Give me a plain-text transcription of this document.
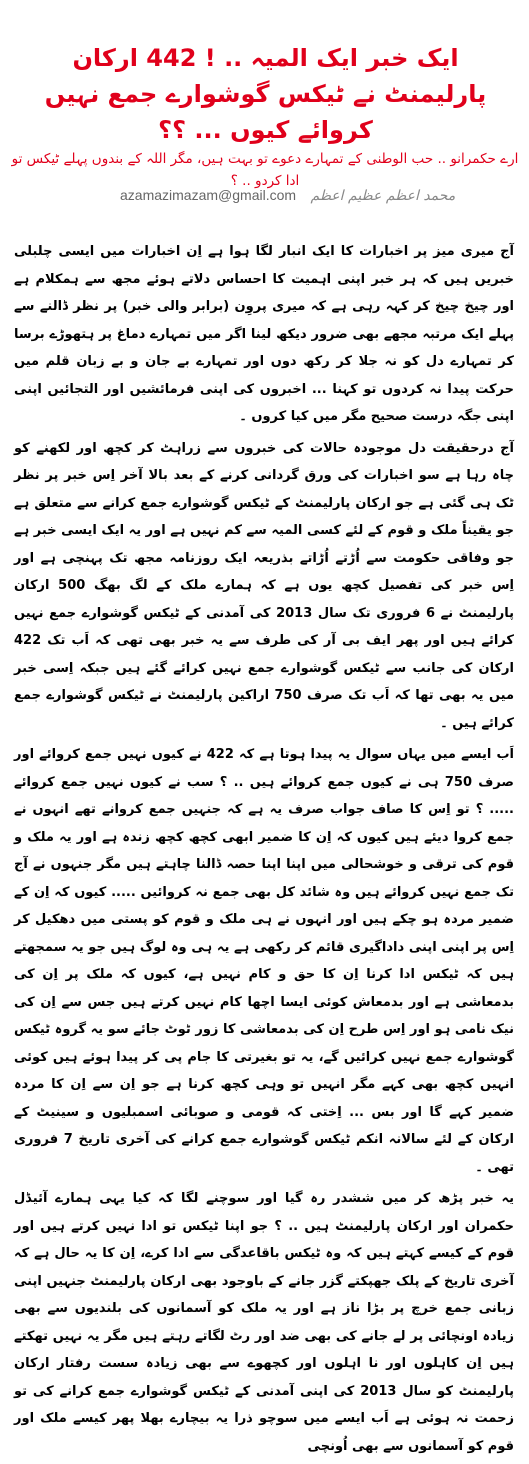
ایک خبر ایک المیہ .. ! 442 ارکان پارلیمنٹ نے ٹیکس گوشوارے جمع نہیں کروائے کیوں ... ؟؟
ارے حکمرانو .. حب الوطنی کے تمہارے دعوے تو بہت ہیں، مگر اللہ کے بندوں پہلے ٹیکس تو ادا کردو .. ؟
azamazimazam@gmail.com محمد اعظم عظیم اعظم

آج میری میز پر اخبارات کا ایک انبار لگا ہوا ہے اِن اخبارات میں ایسی چلبلی خبریں ہیں کہ ہر خبر اپنی اہمیت کا احساس دلاتے ہوئے مجھ سے ہمکلام ہے اور چیخ چیخ کر کہہ رہی ہے کہ میری پروِن (برابر والی خبر) پر نظر ڈالنے سے پہلے ایک مرتبہ مجھے بھی ضرور دیکھ لینا اگر میں تمہارے دماغ پر ہتھوڑے برسا کر تمہارے دل کو نہ جلا کر رکھ دوں اور تمہارے بے جان و بے زبان قلم میں حرکت پیدا نہ کردوں تو کہنا ... اخبروں کی اپنی فرمائشیں اور التجائیں اپنی اپنی جگہ درست صحیح مگر میں کیا کروں ۔

آج درحقیقت دل موجودہ حالات کی خبروں سے زراہٹ کر کچھ اور لکھنے کو چاہ رہا ہے سو اخبارات کی ورق گردانی کرنے کے بعد بالا آخر اِس خبر پر نظر ٹک ہی گئی ہے جو ارکان پارلیمنٹ کے ٹیکس گوشوارے جمع کرانے سے متعلق ہے جو یقیناً ملک و قوم کے لئے کسی المیہ سے کم نہیں ہے اور یہ ایک ایسی خبر ہے جو وفاقی حکومت سے اُڑتے اُڑاتے بذریعہ ایک روزنامہ مجھ تک پہنچی ہے اور اِس خبر کی تفصیل کچھ یوں ہے کہ ہمارے ملک کے لگ بھگ 500 ارکان پارلیمنٹ نے 6 فروری تک سال 2013 کی آمدنی کے ٹیکس گوشوارے جمع نہیں کرائے ہیں اور پھر ایف بی آر کی طرف سے یہ خبر بھی تھی کہ اَب تک 422 ارکان کی جانب سے ٹیکس گوشوارے جمع نہیں کرائے گئے ہیں جبکہ اِسی خبر میں یہ بھی تھا کہ اَب تک صرف 750 اراکین پارلیمنٹ نے ٹیکس گوشوارے جمع کرائے ہیں ۔

اَب ایسے میں یہاں سوال یہ پیدا ہوتا ہے کہ 422 نے کیوں نہیں جمع کروائے اور صرف 750 ہی نے کیوں جمع کروائے ہیں .. ؟ سب نے کیوں نہیں جمع کروائے ..... ؟ تو اِس کا صاف جواب صرف یہ ہے کہ جنہیں جمع کروانے تھے انہوں نے جمع کروا دیئے ہیں کیوں کہ اِن کا ضمیر ابھی کچھ کچھ زندہ ہے اور یہ ملک و قوم کی ترقی و خوشحالی میں اپنا اپنا حصہ ڈالنا چاہتے ہیں مگر جنہوں نے آج تک جمع نہیں کروائے ہیں وہ شائد کل بھی جمع نہ کروائیں ..... کیوں کہ اِن کے ضمیر مردہ ہو چکے ہیں اور انہوں نے ہی ملک و قوم کو پستی میں دھکیل کر اِس پر اپنی اپنی داداگیری قائم کر رکھی ہے یہ ہی وہ لوگ ہیں جو یہ سمجھتے ہیں کہ ٹیکس ادا کرنا اِن کا حق و کام نہیں ہے، کیوں کہ ملک پر اِن کی بدمعاشی ہے اور بدمعاش کوئی ایسا اچھا کام نہیں کرتے ہیں جس سے اِن کی نیک نامی ہو اور اِس طرح اِن کی بدمعاشی کا زور ٹوٹ جائے سو یہ گروہ ٹیکس گوشوارے جمع نہیں کرائیں گے، یہ تو بغیرتی کا جام پی کر پیدا ہوئے ہیں کوئی انہیں کچھ بھی کہے مگر انہیں تو وہی کچھ کرنا ہے جو اِن سے اِن کا مردہ ضمیر کہے گا اور بس ... اِختی کہ قومی و صوبائی اسمبلیوں و سینیٹ کے ارکان کے لئے سالانہ انکم ٹیکس گوشوارے جمع کرانے کی آخری تاریخ 7 فروری تھی ۔

یہ خبر پڑھ کر میں ششدر رہ گیا اور سوچنے لگا کہ کیا یہی ہمارے آئیڈل حکمران اور ارکان پارلیمنٹ ہیں .. ؟ جو اپنا ٹیکس تو ادا نہیں کرتے ہیں اور قوم کے کیسے کہتے ہیں کہ وہ ٹیکس باقاعدگی سے ادا کرے، اِن کا یہ حال ہے کہ آخری تاریخ کے پلک جھپکتے گزر جانے کے باوجود بھی ارکان پارلیمنٹ جنہیں اپنی زبانی جمع خرچ پر بڑا ناز ہے اور یہ ملک کو آسمانوں کی بلندیوں سے بھی زیادہ اونچائی پر لے جانے کی بھی ضد اور رٹ لگاتے رہتے ہیں مگر یہ نہیں تھکتے ہیں اِن کاہلوں اور نا اہلوں اور کچھوے سے بھی زیادہ سست رفتار ارکان پارلیمنٹ کو سال 2013 کی اپنی آمدنی کے ٹیکس گوشوارے جمع کرانے کی تو زحمت نہ ہوئی ہے اَب ایسے میں سوچو ذرا یہ بیچارے بھلا پھر کیسے ملک اور قوم کو آسمانوں سے بھی اُونچی
